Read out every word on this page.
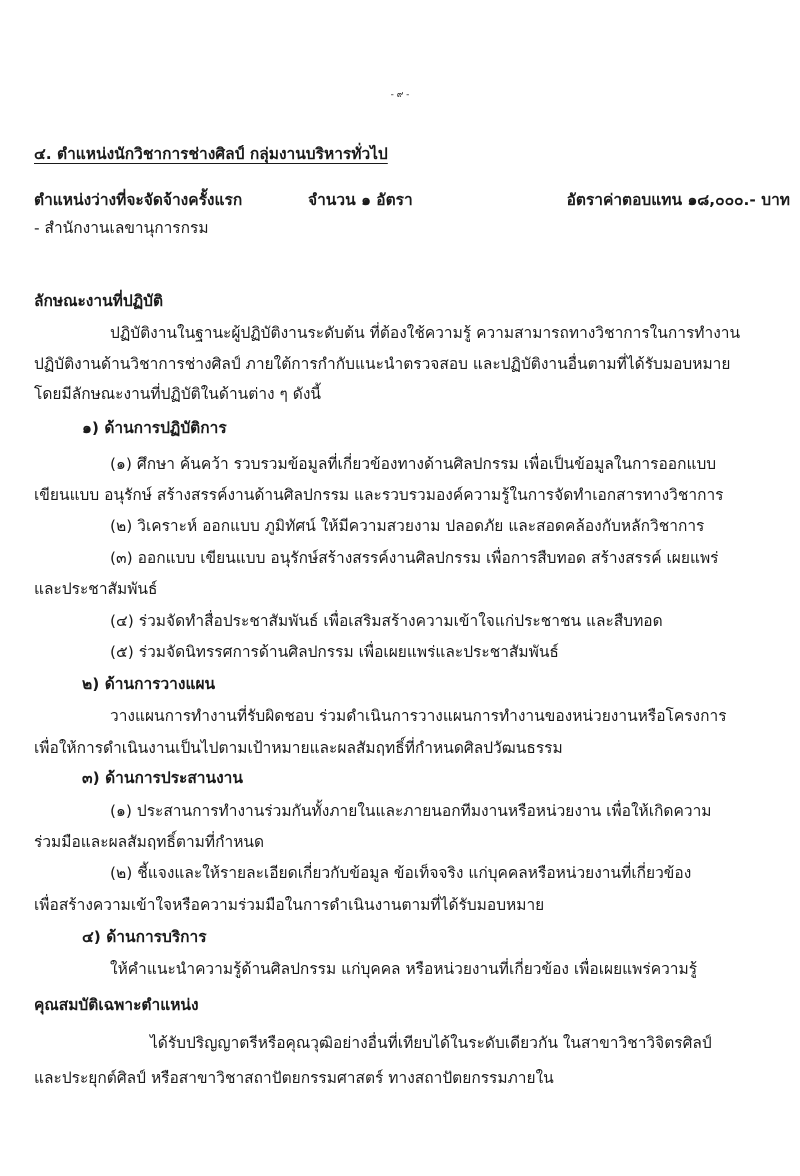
- ๙ -
๔. ตำแหน่งนักวิชาการช่างศิลป์ กลุ่มงานบริหารทั่วไป
ตำแหน่งว่างที่จะจัดจ้างครั้งแรก	จำนวน ๑ อัตรา	อัตราค่าตอบแทน ๑๘,๐๐๐.- บาท
- สำนักงานเลขานุการกรม
ลักษณะงานที่ปฏิบัติ
ปฏิบัติงานในฐานะผู้ปฏิบัติงานระดับต้น ที่ต้องใช้ความรู้ ความสามารถทางวิชาการในการทำงาน
ปฏิบัติงานด้านวิชาการช่างศิลป์ ภายใต้การกำกับแนะนำตรวจสอบ และปฏิบัติงานอื่นตามที่ได้รับมอบหมาย
โดยมีลักษณะงานที่ปฏิบัติในด้านต่าง ๆ ดังนี้
๑) ด้านการปฏิบัติการ
(๑) ศึกษา ค้นคว้า รวบรวมข้อมูลที่เกี่ยวข้องทางด้านศิลปกรรม เพื่อเป็นข้อมูลในการออกแบบ
เขียนแบบ อนุรักษ์ สร้างสรรค์งานด้านศิลปกรรม และรวบรวมองค์ความรู้ในการจัดทำเอกสารทางวิชาการ
(๒) วิเคราะห์ ออกแบบ ภูมิทัศน์ ให้มีความสวยงาม ปลอดภัย และสอดคล้องกับหลักวิชาการ
(๓) ออกแบบ เขียนแบบ อนุรักษ์สร้างสรรค์งานศิลปกรรม เพื่อการสืบทอด สร้างสรรค์ เผยแพร่
และประชาสัมพันธ์
(๔) ร่วมจัดทำสื่อประชาสัมพันธ์ เพื่อเสริมสร้างความเข้าใจแก่ประชาชน และสืบทอด
(๕) ร่วมจัดนิทรรศการด้านศิลปกรรม เพื่อเผยแพร่และประชาสัมพันธ์
๒) ด้านการวางแผน
วางแผนการทำงานที่รับผิดชอบ ร่วมดำเนินการวางแผนการทำงานของหน่วยงานหรือโครงการ
เพื่อให้การดำเนินงานเป็นไปตามเป้าหมายและผลสัมฤทธิ์ที่กำหนดศิลปวัฒนธรรม
๓) ด้านการประสานงาน
(๑) ประสานการทำงานร่วมกันทั้งภายในและภายนอกทีมงานหรือหน่วยงาน เพื่อให้เกิดความ
ร่วมมือและผลสัมฤทธิ์ตามที่กำหนด
(๒) ชี้แจงและให้รายละเอียดเกี่ยวกับข้อมูล ข้อเท็จจริง แก่บุคคลหรือหน่วยงานที่เกี่ยวข้อง
เพื่อสร้างความเข้าใจหรือความร่วมมือในการดำเนินงานตามที่ได้รับมอบหมาย
๔) ด้านการบริการ
ให้คำแนะนำความรู้ด้านศิลปกรรม แก่บุคคล หรือหน่วยงานที่เกี่ยวข้อง เพื่อเผยแพร่ความรู้
คุณสมบัติเฉพาะตำแหน่ง
ได้รับปริญญาตรีหรือคุณวุฒิอย่างอื่นที่เทียบได้ในระดับเดียวกัน ในสาขาวิชาวิจิตรศิลป์
และประยุกต์ศิลป์ หรือสาขาวิชาสถาปัตยกรรมศาสตร์ ทางสถาปัตยกรรมภายใน
